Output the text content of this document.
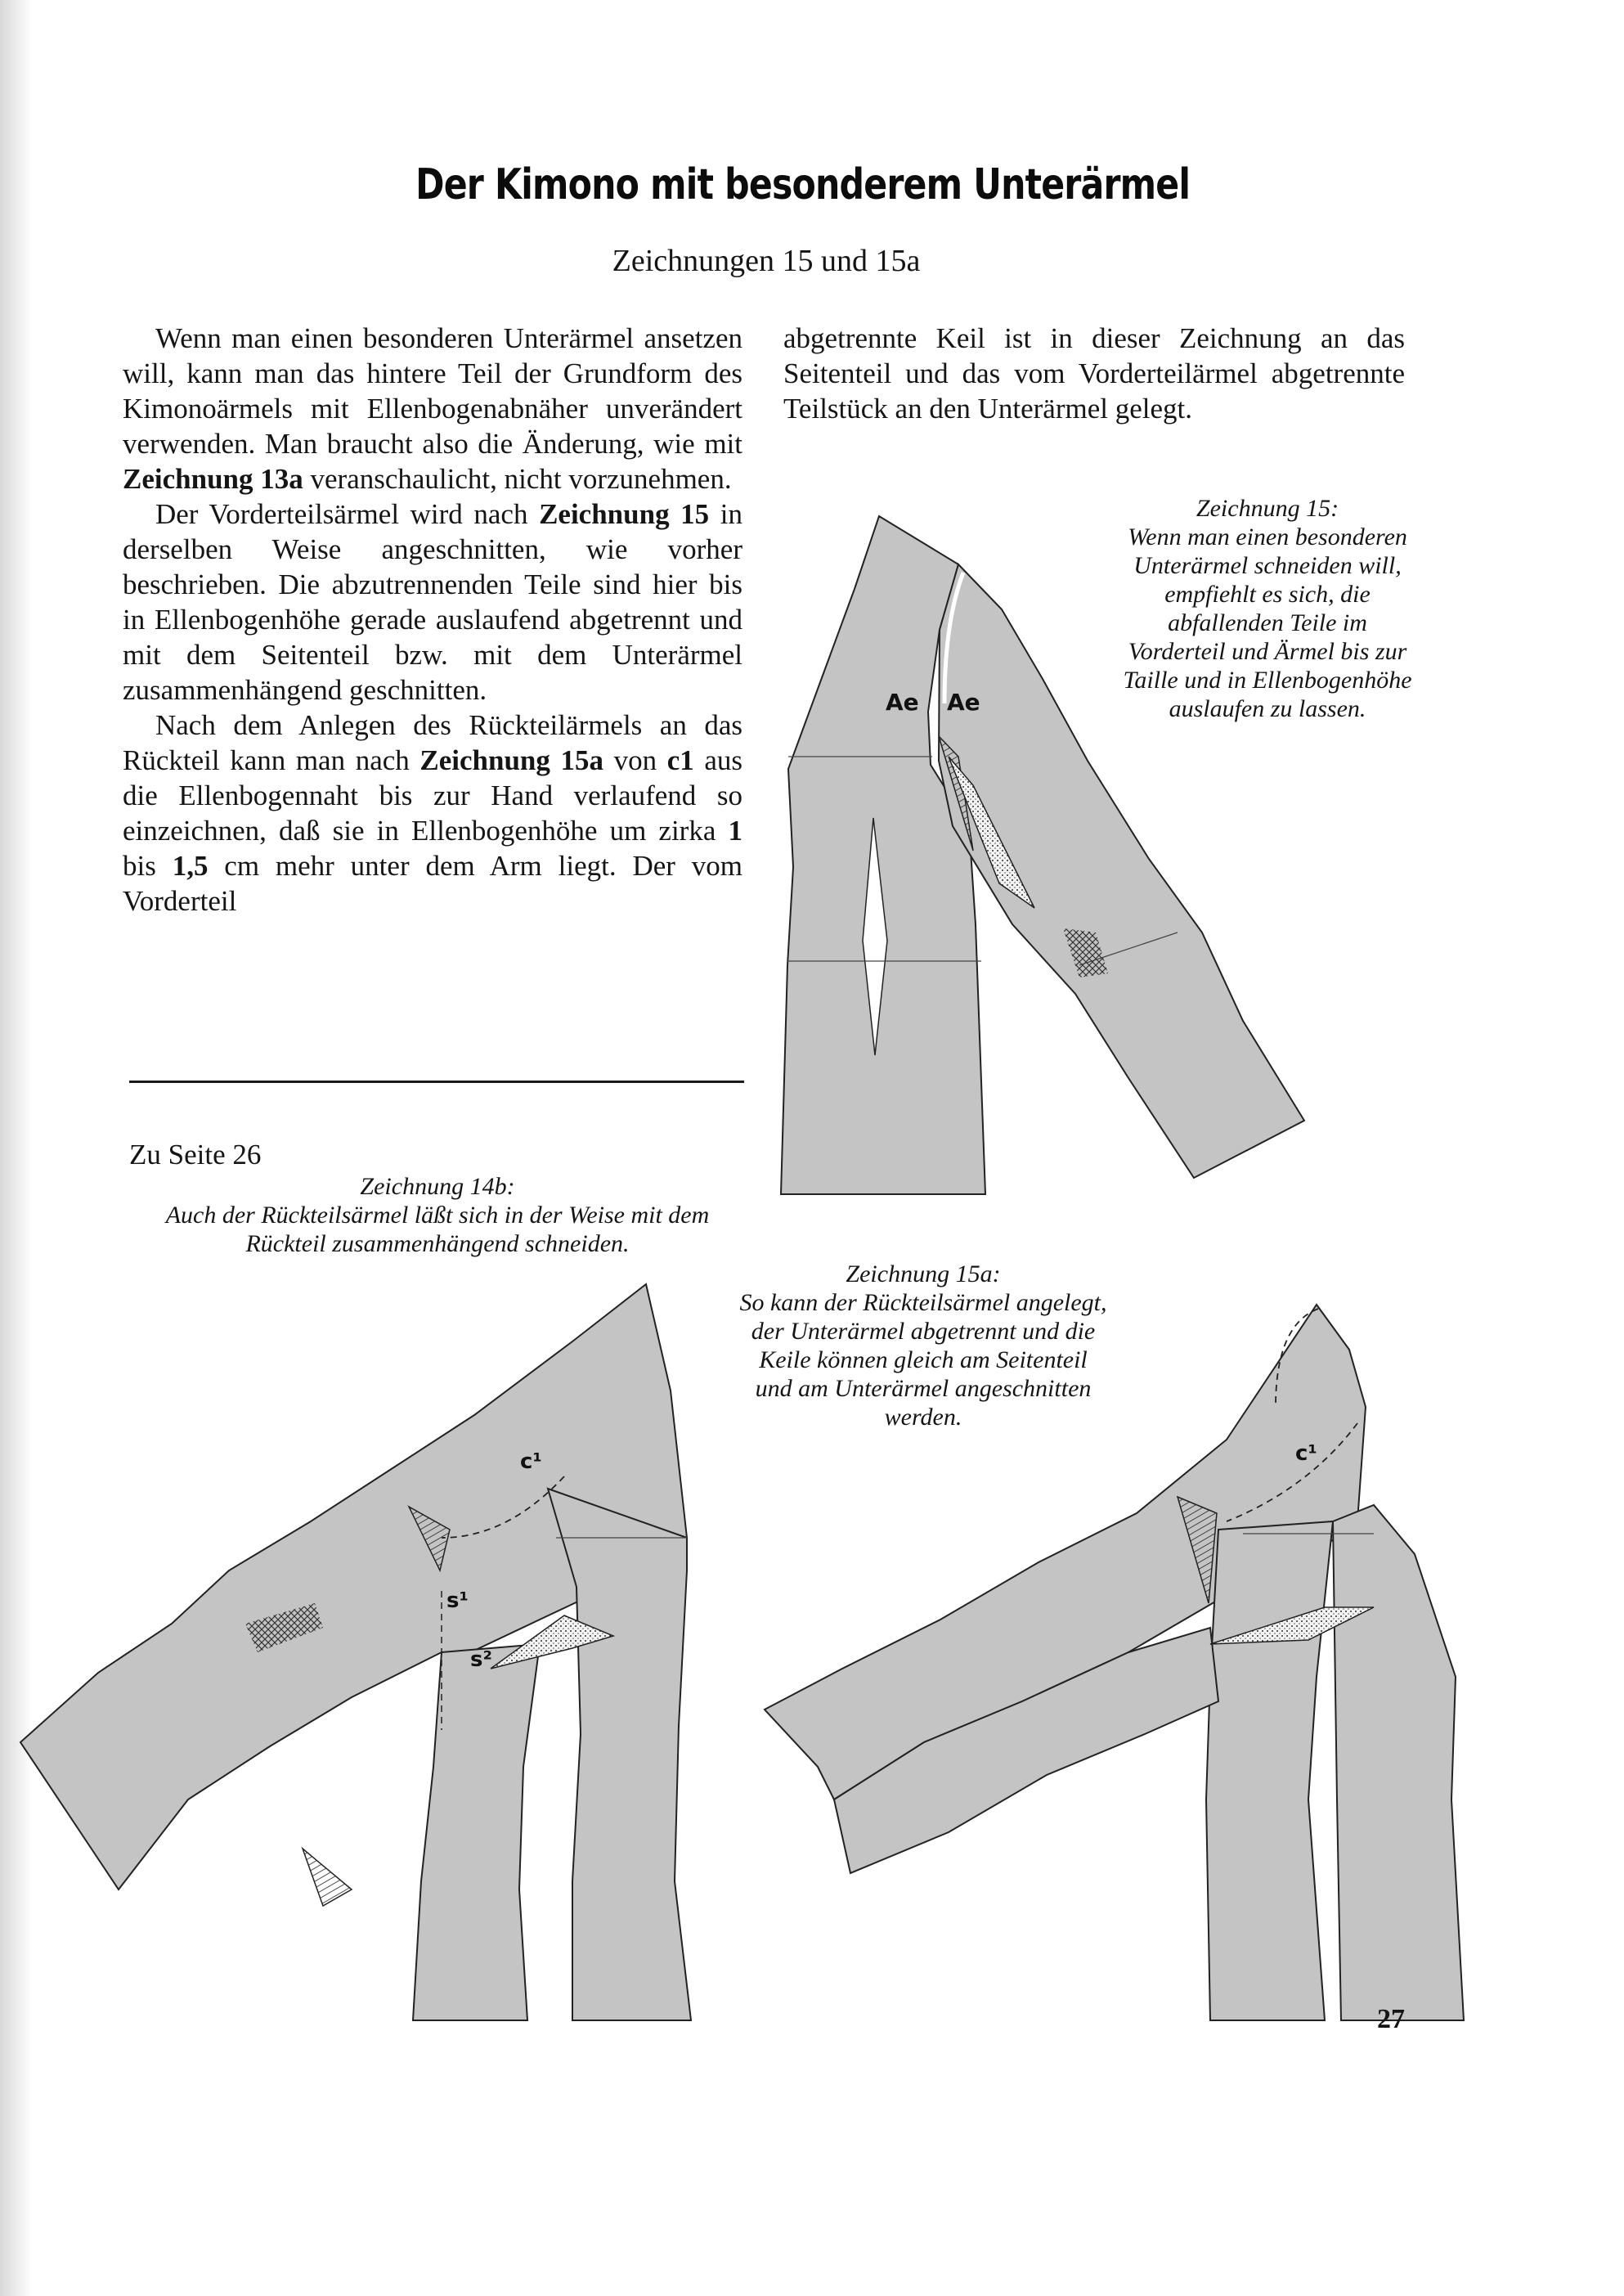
Der Kimono mit besonderem Unterärmel
Zeichnungen 15 und 15a

Wenn man einen besonderen Unterärmel ansetzen will, kann man das hintere Teil der Grundform des Kimonoärmels mit Ellenbogenabnäher unverändert verwenden. Man braucht also die Änderung, wie mit Zeichnung 13a veranschaulicht, nicht vorzunehmen.

Der Vorderteilsärmel wird nach Zeichnung 15 in derselben Weise angeschnitten, wie vorher beschrieben. Die abzutrennenden Teile sind hier bis in Ellenbogenhöhe gerade auslaufend abgetrennt und mit dem Seitenteil bzw. mit dem Unterärmel zusammenhängend geschnitten.

Nach dem Anlegen des Rückteilärmels an das Rückteil kann man nach Zeichnung 15a von c1 aus die Ellenbogennaht bis zur Hand verlaufend so einzeichnen, daß sie in Ellenbogenhöhe um zirka 1 bis 1,5 cm mehr unter dem Arm liegt. Der vom Vorderteil

abgetrennte Keil ist in dieser Zeichnung an das Seitenteil und das vom Vorderteilärmel abgetrennte Teilstück an den Unterärmel gelegt.

Zu Seite 26
Zeichnung 15:
Wenn man einen besonderen Unterärmel schneiden will, empfiehlt es sich, die abfallenden Teile im Vorderteil und Ärmel bis zur Taille und in Ellenbogenhöhe auslaufen zu lassen.
Zeichnung 14b:
Auch der Rückteilsärmel läßt sich in der Weise mit dem Rückteil zusammenhängend schneiden.
Zeichnung 15a:
So kann der Rückteilsärmel angelegt, der Unterärmel abgetrennt und die Keile können gleich am Seitenteil und am Unterärmel angeschnitten werden.
Ae Ae
c¹
s¹
s²
c¹
27
